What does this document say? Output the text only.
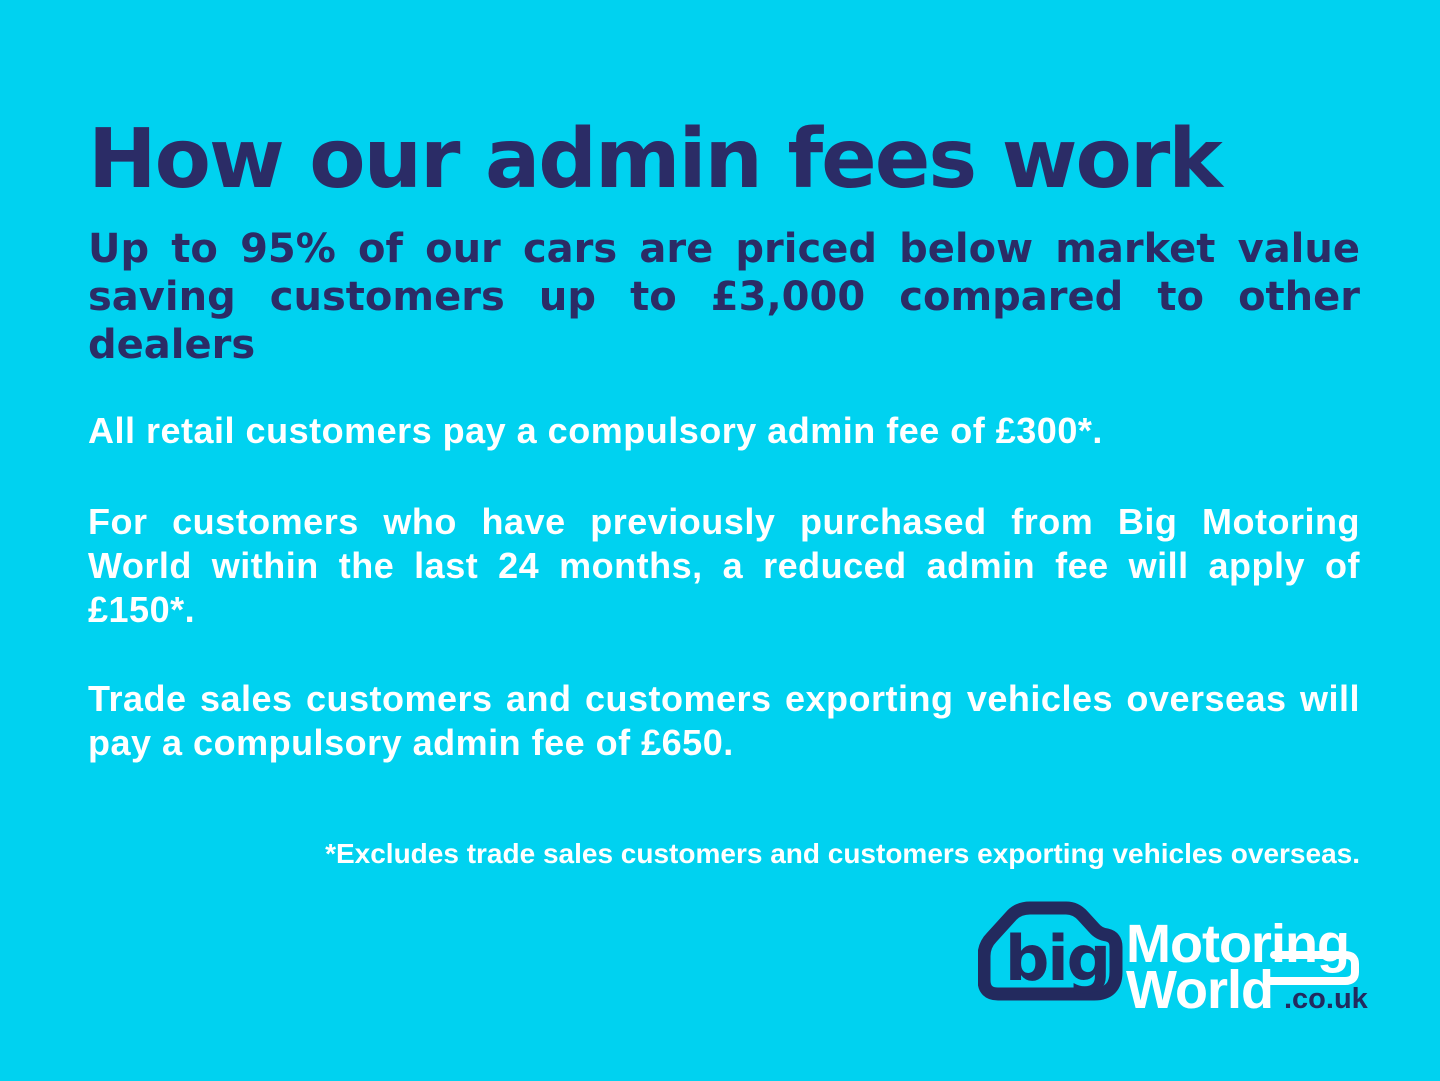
How our admin fees work
Up to 95% of our cars are priced below market value
saving customers up to £3,000 compared to other
dealers
All retail customers pay a compulsory admin fee of £300*.
For customers who have previously purchased from Big Motoring
World within the last 24 months, a reduced admin fee will apply of
£150*.
Trade sales customers and customers exporting vehicles overseas will
pay a compulsory admin fee of £650.
*Excludes trade sales customers and customers exporting vehicles overseas.
big Motoring
World .co.uk
